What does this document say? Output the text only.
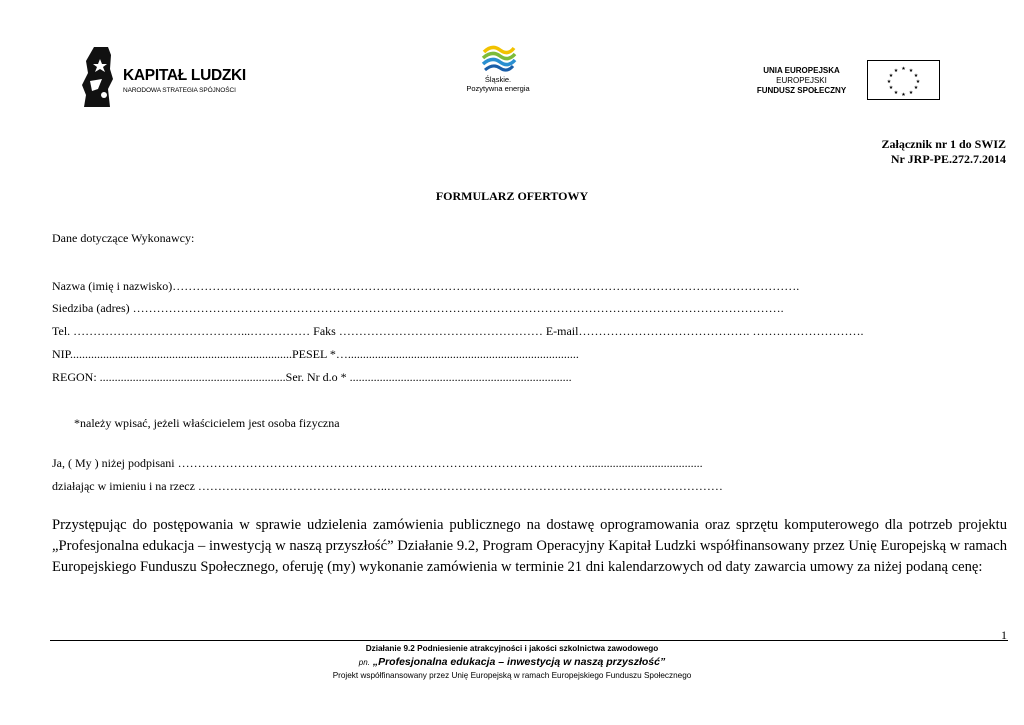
KAPITAŁ LUDZKI
NARODOWA STRATEGIA SPÓJNOŚCI
Śląskie.
Pozytywna energia
UNIA EUROPEJSKA
EUROPEJSKI
FUNDUSZ SPOŁECZNY
★ ★
★
★
★
★
★
★
★
★
★
★
Załącznik nr 1 do SWIZ
Nr JRP-PE.272.7.2014
FORMULARZ OFERTOWY
Dane dotyczące Wykonawcy:
Nazwa (imię i nazwisko)………………………………………………………………………………………………………………………………………….
Siedziba (adres) ……………………………………………………………………………………………………………………………………………….
Tel. ……………………………………...…………… Faks …………………………………………… E-mail……………………………………. ……………………….
NIP..........................................................................PESEL *….............................................................................
REGON: ..............................................................Ser. Nr d.o * ..........................................................................
*należy wpisać, jeżeli właścicielem jest osoba fizyczna
Ja, ( My ) niżej podpisani ………………………………………………………………………………………….......................................
działając w imieniu i na rzecz ………………….……………………..…………………………………………………………………………
Przystępując do postępowania w sprawie udzielenia zamówienia publicznego na dostawę oprogramowania oraz sprzętu komputerowego dla potrzeb projektu „Profesjonalna edukacja – inwestycją w naszą przyszłość” Działanie 9.2, Program Operacyjny Kapitał Ludzki współfinansowany przez Unię Europejską w ramach Europejskiego Funduszu Społecznego, oferuję (my) wykonanie zamówienia w terminie 21 dni kalendarzowych od daty zawarcia umowy za niżej podaną cenę:
1
Działanie 9.2 Podniesienie atrakcyjności i jakości szkolnictwa zawodowego
pn. „Profesjonalna edukacja – inwestycją w naszą przyszłość”
Projekt współfinansowany przez Unię Europejską w ramach Europejskiego Funduszu Społecznego
